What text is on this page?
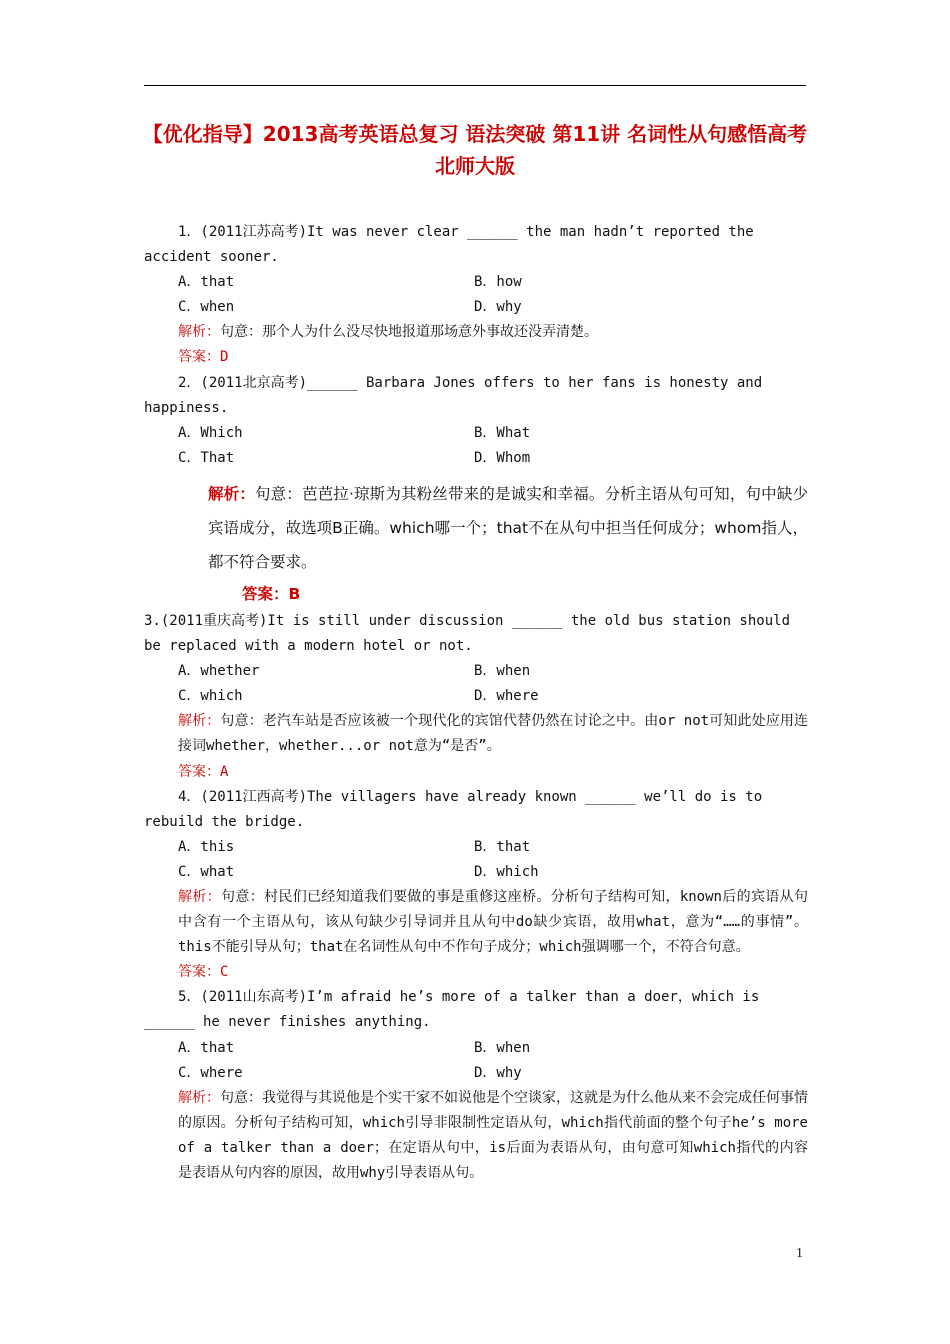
【优化指导】2013高考英语总复习 语法突破 第11讲 名词性从句感悟高考 北师大版
1．(2011江苏高考)It was never clear ______ the man hadn’t reported the
accident sooner.
A．that	B．how
C．when	D．why
解析：句意：那个人为什么没尽快地报道那场意外事故还没弄清楚。
答案：D
2．(2011北京高考)______ Barbara Jones offers to her fans is honesty and
happiness.
A．Which	B．What
C．That	D．Whom
解析：句意：芭芭拉·琼斯为其粉丝带来的是诚实和幸福。分析主语从句可知，句中缺少宾语成分，故选项B正确。which哪一个；that不在从句中担当任何成分；whom指人，都不符合要求。
答案：B
3.(2011重庆高考)It is still under discussion ______ the old bus station should
be replaced with a modern hotel or not.
A．whether	B．when
C．which	D．where
解析：句意：老汽车站是否应该被一个现代化的宾馆代替仍然在讨论之中。由or not可知此处应用连接词whether，whether...or not意为“是否”。
答案：A
4．(2011江西高考)The villagers have already known ______ we’ll do is to
rebuild the bridge.
A．this	B．that
C．what	D．which
解析：句意：村民们已经知道我们要做的事是重修这座桥。分析句子结构可知，known后的宾语从句中含有一个主语从句，该从句缺少引导词并且从句中do缺少宾语，故用what，意为“……的事情”。this不能引导从句；that在名词性从句中不作句子成分；which强调哪一个，不符合句意。
答案：C
5．(2011山东高考)I’m afraid he’s more of a talker than a doer，which is
______ he never finishes anything.
A．that	B．when
C．where	D．why
解析：句意：我觉得与其说他是个实干家不如说他是个空谈家，这就是为什么他从来不会完成任何事情的原因。分析句子结构可知，which引导非限制性定语从句，which指代前面的整个句子he’s more of a talker than a doer；在定语从句中，is后面为表语从句，由句意可知which指代的内容是表语从句内容的原因，故用why引导表语从句。
1
